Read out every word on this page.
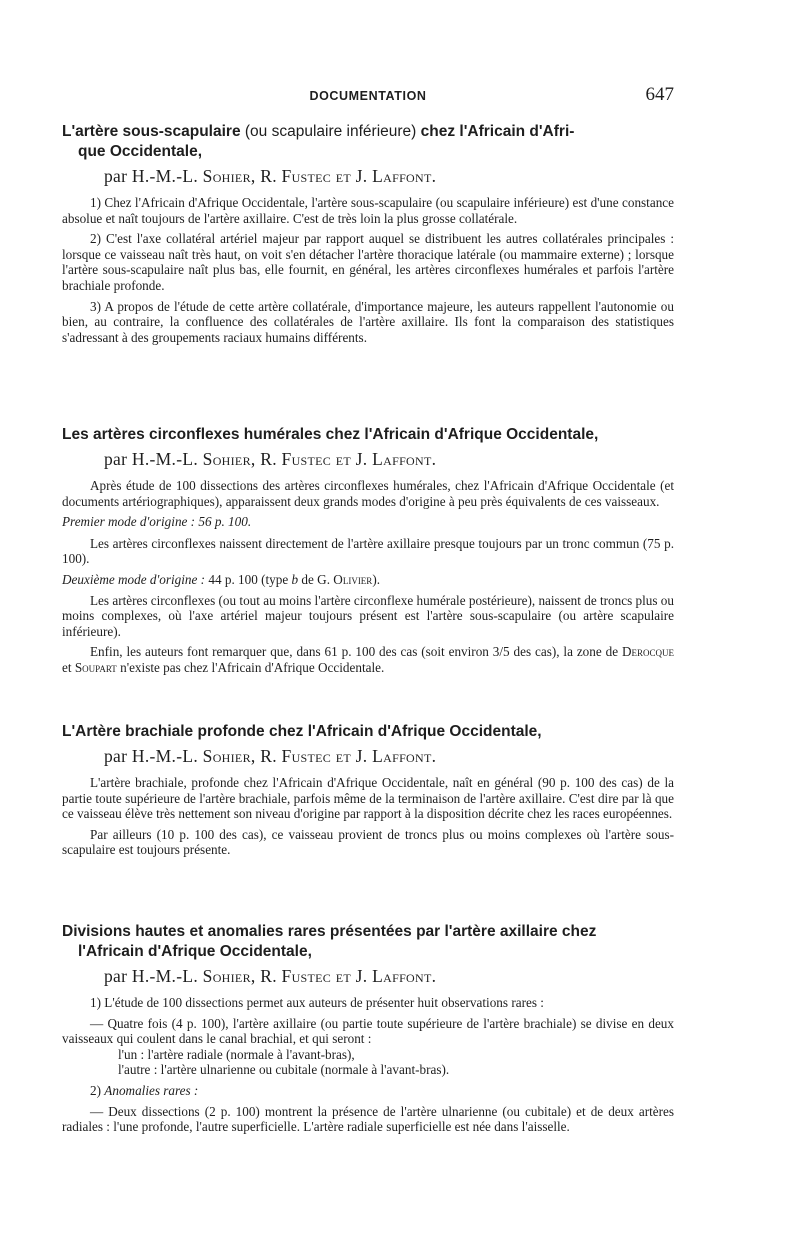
DOCUMENTATION	647
L'artère sous-scapulaire (ou scapulaire inférieure) chez l'Africain d'Afri-
que Occidentale,
par H.-M.-L. Sohier, R. Fustec et J. Laffont.

1) Chez l'Africain d'Afrique Occidentale, l'artère sous-scapulaire (ou scapulaire inférieure) est d'une constance absolue et naît toujours de l'artère axillaire. C'est de très loin la plus grosse collatérale.

2) C'est l'axe collatéral artériel majeur par rapport auquel se distribuent les autres collatérales principales : lorsque ce vaisseau naît très haut, on voit s'en détacher l'artère thoracique latérale (ou mammaire externe) ; lorsque l'artère sous-scapulaire naît plus bas, elle fournit, en général, les artères circonflexes humérales et parfois l'artère brachiale profonde.

3) A propos de l'étude de cette artère collatérale, d'importance majeure, les auteurs rappellent l'autonomie ou bien, au contraire, la confluence des collatérales de l'artère axillaire. Ils font la comparaison des statistiques s'adressant à des groupements raciaux humains différents.

Les artères circonflexes humérales chez l'Africain d'Afrique Occidentale,
par H.-M.-L. Sohier, R. Fustec et J. Laffont.

Après étude de 100 dissections des artères circonflexes humérales, chez l'Africain d'Afrique Occidentale (et documents artériographiques), apparaissent deux grands modes d'origine à peu près équivalents de ces vaisseaux.

Premier mode d'origine : 56 p. 100.

Les artères circonflexes naissent directement de l'artère axillaire presque toujours par un tronc commun (75 p. 100).

Deuxième mode d'origine : 44 p. 100 (type b de G. Olivier).

Les artères circonflexes (ou tout au moins l'artère circonflexe humérale postérieure), naissent de troncs plus ou moins complexes, où l'axe artériel majeur toujours présent est l'artère sous-scapulaire (ou artère scapulaire inférieure).

Enfin, les auteurs font remarquer que, dans 61 p. 100 des cas (soit environ 3/5 des cas), la zone de Derocque et Soupart n'existe pas chez l'Africain d'Afrique Occidentale.

L'Artère brachiale profonde chez l'Africain d'Afrique Occidentale,
par H.-M.-L. Sohier, R. Fustec et J. Laffont.

L'artère brachiale, profonde chez l'Africain d'Afrique Occidentale, naît en général (90 p. 100 des cas) de la partie toute supérieure de l'artère brachiale, parfois même de la terminaison de l'artère axillaire. C'est dire par là que ce vaisseau élève très nettement son niveau d'origine par rapport à la disposition décrite chez les races européennes.

Par ailleurs (10 p. 100 des cas), ce vaisseau provient de troncs plus ou moins complexes où l'artère sous-scapulaire est toujours présente.

Divisions hautes et anomalies rares présentées par l'artère axillaire chez
l'Africain d'Afrique Occidentale,
par H.-M.-L. Sohier, R. Fustec et J. Laffont.

1) L'étude de 100 dissections permet aux auteurs de présenter huit observations rares :

— Quatre fois (4 p. 100), l'artère axillaire (ou partie toute supérieure de l'artère brachiale) se divise en deux vaisseaux qui coulent dans le canal brachial, et qui seront :

l'un : l'artère radiale (normale à l'avant-bras),
l'autre : l'artère ulnarienne ou cubitale (normale à l'avant-bras).

2) Anomalies rares :

— Deux dissections (2 p. 100) montrent la présence de l'artère ulnarienne (ou cubitale) et de deux artères radiales : l'une profonde, l'autre superficielle. L'artère radiale superficielle est née dans l'aisselle.
